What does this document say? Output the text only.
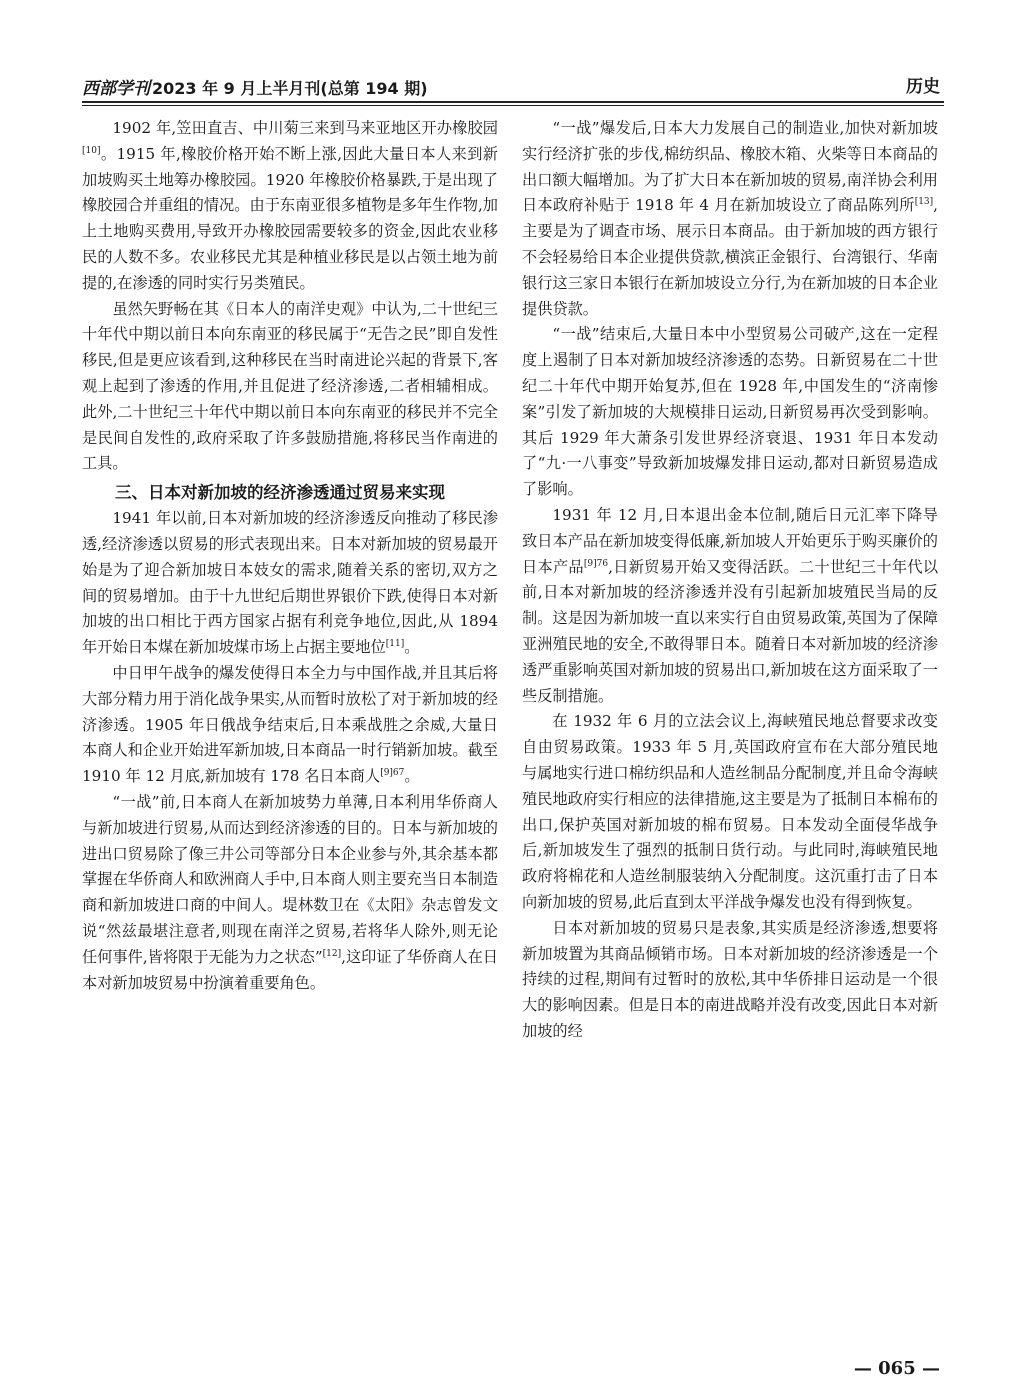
西部学刊 2023 年 9 月上半月刊(总第 194 期)	历史

1902 年,笠田直吉、中川菊三来到马来亚地区开办橡胶园[10]。1915 年,橡胶价格开始不断上涨,因此大量日本人来到新加坡购买土地筹办橡胶园。1920 年橡胶价格暴跌,于是出现了橡胶园合并重组的情况。由于东南亚很多植物是多年生作物,加上土地购买费用,导致开办橡胶园需要较多的资金,因此农业移民的人数不多。农业移民尤其是种植业移民是以占领土地为前提的,在渗透的同时实行另类殖民。

虽然矢野畅在其《日本人的南洋史观》中认为,二十世纪三十年代中期以前日本向东南亚的移民属于“无告之民”即自发性移民,但是更应该看到,这种移民在当时南进论兴起的背景下,客观上起到了渗透的作用,并且促进了经济渗透,二者相辅相成。此外,二十世纪三十年代中期以前日本向东南亚的移民并不完全是民间自发性的,政府采取了许多鼓励措施,将移民当作南进的工具。

三、日本对新加坡的经济渗透通过贸易来实现

1941 年以前,日本对新加坡的经济渗透反向推动了移民渗透,经济渗透以贸易的形式表现出来。日本对新加坡的贸易最开始是为了迎合新加坡日本妓女的需求,随着关系的密切,双方之间的贸易增加。由于十九世纪后期世界银价下跌,使得日本对新加坡的出口相比于西方国家占据有利竞争地位,因此,从 1894 年开始日本煤在新加坡煤市场上占据主要地位[11]。

中日甲午战争的爆发使得日本全力与中国作战,并且其后将大部分精力用于消化战争果实,从而暂时放松了对于新加坡的经济渗透。1905 年日俄战争结束后,日本乘战胜之余威,大量日本商人和企业开始进军新加坡,日本商品一时行销新加坡。截至 1910 年 12 月底,新加坡有 178 名日本商人$^{[9]67}$。

“一战”前,日本商人在新加坡势力单薄,日本利用华侨商人与新加坡进行贸易,从而达到经济渗透的目的。日本与新加坡的进出口贸易除了像三井公司等部分日本企业参与外,其余基本都掌握在华侨商人和欧洲商人手中,日本商人则主要充当日本制造商和新加坡进口商的中间人。堤林数卫在《太阳》杂志曾发文说“然兹最堪注意者,则现在南洋之贸易,若将华人除外,则无论任何事件,皆将限于无能为力之状态”[12],这印证了华侨商人在日本对新加坡贸易中扮演着重要角色。

“一战”爆发后,日本大力发展自己的制造业,加快对新加坡实行经济扩张的步伐,棉纺织品、橡胶木箱、火柴等日本商品的出口额大幅增加。为了扩大日本在新加坡的贸易,南洋协会利用日本政府补贴于 1918 年 4 月在新加坡设立了商品陈列所[13],主要是为了调查市场、展示日本商品。由于新加坡的西方银行不会轻易给日本企业提供贷款,横滨正金银行、台湾银行、华南银行这三家日本银行在新加坡设立分行,为在新加坡的日本企业提供贷款。

“一战”结束后,大量日本中小型贸易公司破产,这在一定程度上遏制了日本对新加坡经济渗透的态势。日新贸易在二十世纪二十年代中期开始复苏,但在 1928 年,中国发生的“济南惨案”引发了新加坡的大规模排日运动,日新贸易再次受到影响。其后 1929 年大萧条引发世界经济衰退、1931 年日本发动了“九·一八事变”导致新加坡爆发排日运动,都对日新贸易造成了影响。

1931 年 12 月,日本退出金本位制,随后日元汇率下降导致日本产品在新加坡变得低廉,新加坡人开始更乐于购买廉价的日本产品$^{[9]76}$,日新贸易开始又变得活跃。二十世纪三十年代以前,日本对新加坡的经济渗透并没有引起新加坡殖民当局的反制。这是因为新加坡一直以来实行自由贸易政策,英国为了保障亚洲殖民地的安全,不敢得罪日本。随着日本对新加坡的经济渗透严重影响英国对新加坡的贸易出口,新加坡在这方面采取了一些反制措施。

在 1932 年 6 月的立法会议上,海峡殖民地总督要求改变自由贸易政策。1933 年 5 月,英国政府宣布在大部分殖民地与属地实行进口棉纺织品和人造丝制品分配制度,并且命令海峡殖民地政府实行相应的法律措施,这主要是为了抵制日本棉布的出口,保护英国对新加坡的棉布贸易。日本发动全面侵华战争后,新加坡发生了强烈的抵制日货行动。与此同时,海峡殖民地政府将棉花和人造丝制服装纳入分配制度。这沉重打击了日本向新加坡的贸易,此后直到太平洋战争爆发也没有得到恢复。

日本对新加坡的贸易只是表象,其实质是经济渗透,想要将新加坡置为其商品倾销市场。日本对新加坡的经济渗透是一个持续的过程,期间有过暂时的放松,其中华侨排日运动是一个很大的影响因素。但是日本的南进战略并没有改变,因此日本对新加坡的经

— 065 —
